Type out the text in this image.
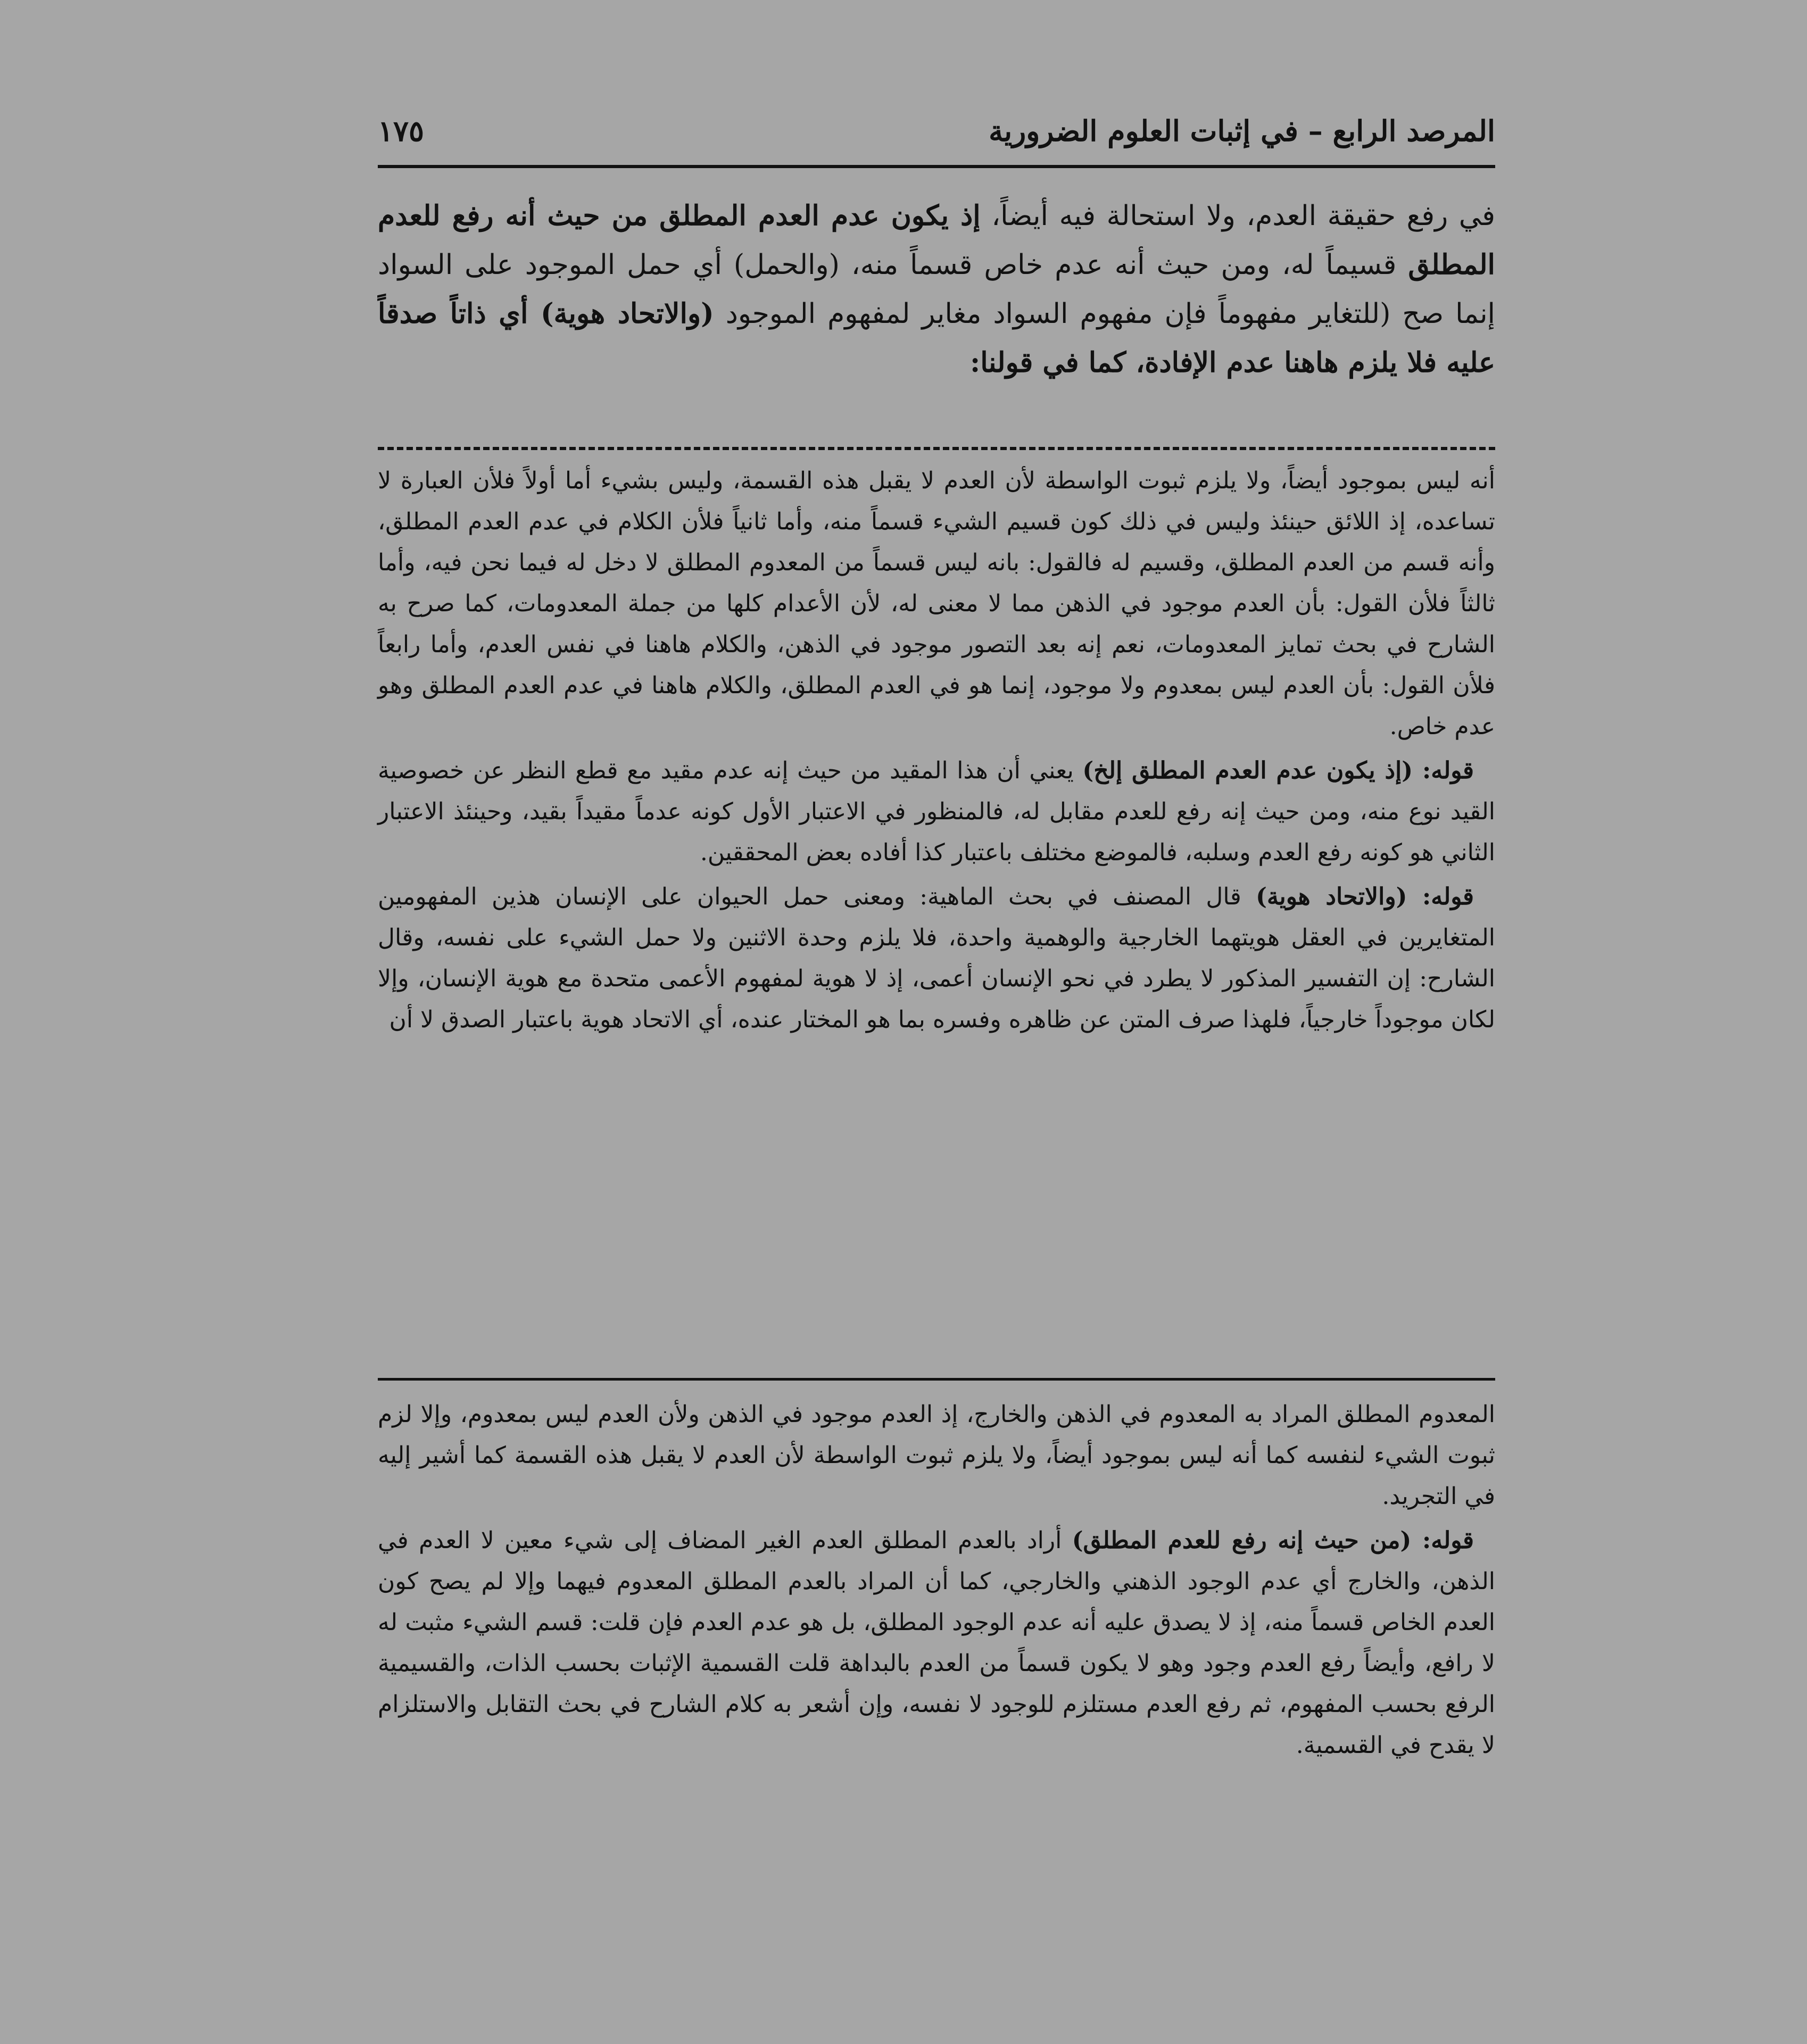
المرصد الرابع – في إثبات العلوم الضرورية
١٧٥
في رفع حقيقة العدم، ولا استحالة فيه أيضاً، إذ يكون عدم العدم المطلق من حيث أنه رفع للعدم المطلق قسيماً له، ومن حيث أنه عدم خاص قسماً منه، (والحمل) أي حمل الموجود على السواد إنما صح (للتغاير مفهوماً فإن مفهوم السواد مغاير لمفهوم الموجود (والاتحاد هوية) أي ذاتاً صدقاً عليه فلا يلزم هاهنا عدم الإفادة، كما في قولنا:

أنه ليس بموجود أيضاً، ولا يلزم ثبوت الواسطة لأن العدم لا يقبل هذه القسمة، وليس بشيء أما أولاً فلأن العبارة لا تساعده، إذ اللائق حينئذ وليس في ذلك كون قسيم الشيء قسماً منه، وأما ثانياً فلأن الكلام في عدم العدم المطلق، وأنه قسم من العدم المطلق، وقسيم له فالقول: بانه ليس قسماً من المعدوم المطلق لا دخل له فيما نحن فيه، وأما ثالثاً فلأن القول: بأن العدم موجود في الذهن مما لا معنى له، لأن الأعدام كلها من جملة المعدومات، كما صرح به الشارح في بحث تمايز المعدومات، نعم إنه بعد التصور موجود في الذهن، والكلام هاهنا في نفس العدم، وأما رابعاً فلأن القول: بأن العدم ليس بمعدوم ولا موجود، إنما هو في العدم المطلق، والكلام هاهنا في عدم العدم المطلق وهو عدم خاص.

قوله: (إذ يكون عدم العدم المطلق إلخ) يعني أن هذا المقيد من حيث إنه عدم مقيد مع قطع النظر عن خصوصية القيد نوع منه، ومن حيث إنه رفع للعدم مقابل له، فالمنظور في الاعتبار الأول كونه عدماً مقيداً بقيد، وحينئذ الاعتبار الثاني هو كونه رفع العدم وسلبه، فالموضع مختلف باعتبار كذا أفاده بعض المحققين.

قوله: (والاتحاد هوية) قال المصنف في بحث الماهية: ومعنى حمل الحيوان على الإنسان هذين المفهومين المتغايرين في العقل هويتهما الخارجية والوهمية واحدة، فلا يلزم وحدة الاثنين ولا حمل الشيء على نفسه، وقال الشارح: إن التفسير المذكور لا يطرد في نحو الإنسان أعمى، إذ لا هوية لمفهوم الأعمى متحدة مع هوية الإنسان، وإلا لكان موجوداً خارجياً، فلهذا صرف المتن عن ظاهره وفسره بما هو المختار عنده، أي الاتحاد هوية باعتبار الصدق لا أن

المعدوم المطلق المراد به المعدوم في الذهن والخارج، إذ العدم موجود في الذهن ولأن العدم ليس بمعدوم، وإلا لزم ثبوت الشيء لنفسه كما أنه ليس بموجود أيضاً، ولا يلزم ثبوت الواسطة لأن العدم لا يقبل هذه القسمة كما أشير إليه في التجريد.

قوله: (من حيث إنه رفع للعدم المطلق) أراد بالعدم المطلق العدم الغير المضاف إلى شيء معين لا العدم في الذهن، والخارج أي عدم الوجود الذهني والخارجي، كما أن المراد بالعدم المطلق المعدوم فيهما وإلا لم يصح كون العدم الخاص قسماً منه، إذ لا يصدق عليه أنه عدم الوجود المطلق، بل هو عدم العدم فإن قلت: قسم الشيء مثبت له لا رافع، وأيضاً رفع العدم وجود وهو لا يكون قسماً من العدم بالبداهة قلت القسمية الإثبات بحسب الذات، والقسيمية الرفع بحسب المفهوم، ثم رفع العدم مستلزم للوجود لا نفسه، وإن أشعر به كلام الشارح في بحث التقابل والاستلزام لا يقدح في القسمية.
